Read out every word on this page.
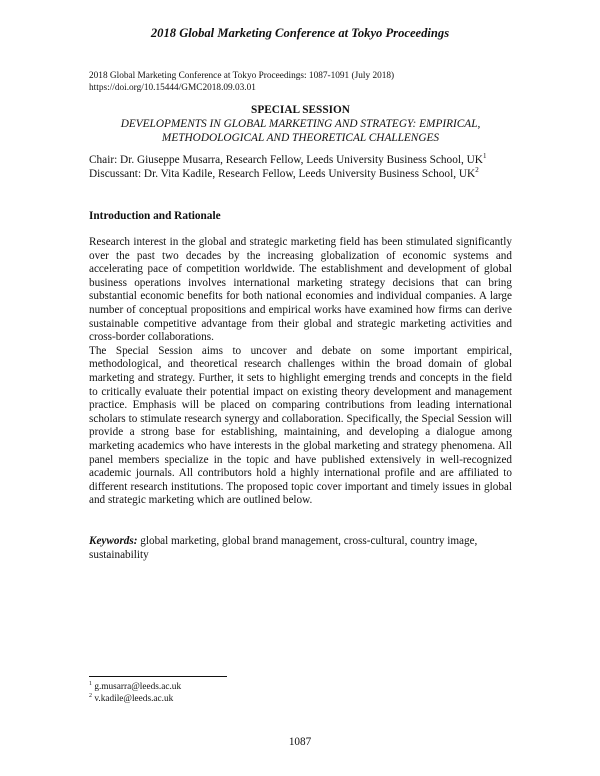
2018 Global Marketing Conference at Tokyo Proceedings
2018 Global Marketing Conference at Tokyo Proceedings: 1087-1091 (July 2018)
https://doi.org/10.15444/GMC2018.09.03.01
SPECIAL SESSION
DEVELOPMENTS IN GLOBAL MARKETING AND STRATEGY: EMPIRICAL,
METHODOLOGICAL AND THEORETICAL CHALLENGES
Chair: Dr. Giuseppe Musarra, Research Fellow, Leeds University Business School, $UK^1$
Discussant: Dr. Vita Kadile, Research Fellow, Leeds University Business School, $UK^2$
Introduction and Rationale

Research interest in the global and strategic marketing field has been stimulated significantly over the past two decades by the increasing globalization of economic systems and accelerating pace of competition worldwide. The establishment and development of global business operations involves international marketing strategy decisions that can bring substantial economic benefits for both national economies and individual companies. A large number of conceptual propositions and empirical works have examined how firms can derive sustainable competitive advantage from their global and strategic marketing activities and cross-border collaborations.

The Special Session aims to uncover and debate on some important empirical, methodological, and theoretical research challenges within the broad domain of global marketing and strategy. Further, it sets to highlight emerging trends and concepts in the field to critically evaluate their potential impact on existing theory development and management practice. Emphasis will be placed on comparing contributions from leading international scholars to stimulate research synergy and collaboration. Specifically, the Special Session will provide a strong base for establishing, maintaining, and developing a dialogue among marketing academics who have interests in the global marketing and strategy phenomena. All panel members specialize in the topic and have published extensively in well-recognized academic journals. All contributors hold a highly international profile and are affiliated to different research institutions. The proposed topic cover important and timely issues in global and strategic marketing which are outlined below.

Keywords: global marketing, global brand management, cross-cultural, country image, sustainability
$^1$ g.musarra@leeds.ac.uk
$^2$ v.kadile@leeds.ac.uk
1087
